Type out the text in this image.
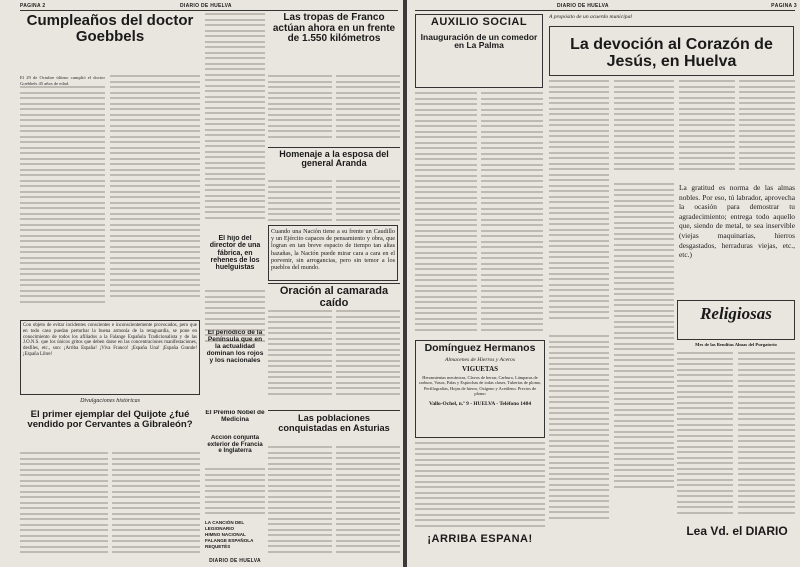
PAGINA 2	DIARIO DE HUELVA
Cumpleaños del doctor Goebbels
El 29 de Octubre último cumplió el doctor Goebbels 45 años de edad.
Las tropas de Franco actúan ahora en un frente de 1.550 kilómetros
Homenaje a la esposa del general Aranda
Cuando una Nación tiene a su frente un Caudillo y un Ejército capaces de pensamiento y obra, que logran en tan breve espacio de tiempo tan altas hazañas, la Nación puede mirar cara a cara en el porvenir, sin arrogancias, pero sin temor a los pueblos del mundo.
El hijo del director de una fábrica, en rehenes de los huelguistas
El periódico de la Península que en la actualidad dominan los rojos y los nacionales
Oración al camarada caído
El Premio Nobel de Medicina
Acción conjunta exterior de Francia e Inglaterra
Con objeto de evitar incidentes conscientes e inconscientemente provocados, pero que en todo caso puedan perturbar la buena armonía de la retaguardia, se pone en conocimiento de todos los afiliados a la Falange Española Tradicionalista y de las J.O.N.S. que los únicos gritos que deben darse en las concentraciones manifestaciones, desfiles, etc., son: ¡Arriba España! ¡Viva Franco! ¡España Una! ¡España Grande! ¡España Libre!
Divulgaciones históricas
El primer ejemplar del Quijote ¿fué vendido por Cervantes a Gibraleón?
Las poblaciones conquistadas en Asturias
LA CANCIÓN DEL LEGIONARIO
HIMNO NACIONAL
FALANGE ESPAÑOLA
REQUETÉS
DIARIO DE HUELVA
DIARIO DE HUELVA	PÁGINA 3
AUXILIO SOCIAL
Inauguración de un comedor en La Palma
A propósito de un acuerdo municipal
La devoción al Corazón de Jesús, en Huelva
La gratitud es norma de las almas nobles. Por eso, tú labrador, aprovecha la ocasión para demostrar tu agradecimiento; entrega todo aquello que, siendo de metal, te sea inservible (viejas maquinarias, hierros desgastados, herraduras viejas, etc., etc.)
Religiosas
Mes de las Benditas Almas del Purgatorio
Domínguez Hermanos
Almacenes de Hierros y Aceros
VIGUETAS
Herramientas mecánicas, Clavos de herrar, Carburo, Lámparas de carburo, Vasos, Palas y Espiochas de todas clases, Tuberías de plomo, Perfilografías, Hojas de hierro, Oxígeno y Acetileno. Precios de plomo
Vallo-Ochel, n.º 9 - HUELVA - Teléfono 1484
¡ARRIBA ESPAÑA!
Lea Vd. el DIARIO
